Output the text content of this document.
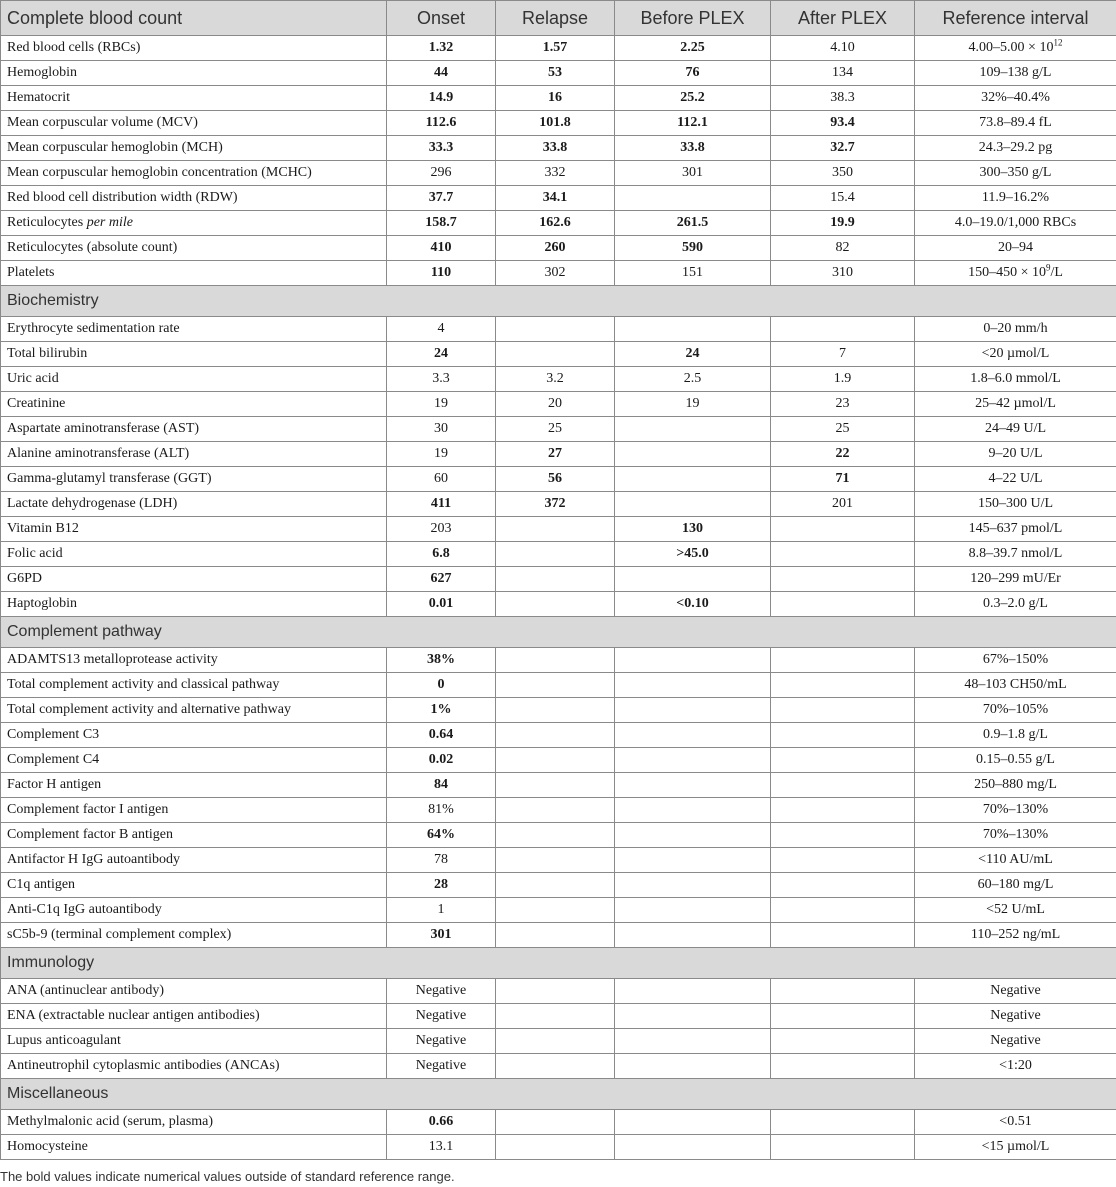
Complete blood count	Onset	Relapse	Before PLEX	After PLEX	Reference interval
Red blood cells (RBCs)	1.32	1.57	2.25	4.10	$4.00-5.00 \times 10^{12}$
Hemoglobin	44	53	76	134	109–138 g/L
Hematocrit	14.9	16	25.2	38.3	32%–40.4%
Mean corpuscular volume (MCV)	112.6	101.8	112.1	93.4	73.8–89.4 fL
Mean corpuscular hemoglobin (MCH)	33.3	33.8	33.8	32.7	24.3–29.2 pg
Mean corpuscular hemoglobin concentration (MCHC)	296	332	301	350	300–350 g/L
Red blood cell distribution width (RDW)	37.7	34.1		15.4	11.9–16.2%
Reticulocytes per mile	158.7	162.6	261.5	19.9	4.0–19.0/1,000 RBCs
Reticulocytes (absolute count)	410	260	590	82	20–94
Platelets	110	302	151	310	$150-450 \times 10^9/L$
Biochemistry					
Erythrocyte sedimentation rate	4				0–20 mm/h
Total bilirubin	24		24	7	<20 µmol/L
Uric acid	3.3	3.2	2.5	1.9	1.8–6.0 mmol/L
Creatinine	19	20	19	23	25–42 µmol/L
Aspartate aminotransferase (AST)	30	25		25	24–49 U/L
Alanine aminotransferase (ALT)	19	27		22	9–20 U/L
Gamma-glutamyl transferase (GGT)	60	56		71	4–22 U/L
Lactate dehydrogenase (LDH)	411	372		201	150–300 U/L
Vitamin B12	203		130		145–637 pmol/L
Folic acid	6.8		>45.0		8.8–39.7 nmol/L
G6PD	627				120–299 mU/Er
Haptoglobin	0.01		<0.10		0.3–2.0 g/L
Complement pathway					
ADAMTS13 metalloprotease activity	38%				67%–150%
Total complement activity and classical pathway	0				48–103 CH50/mL
Total complement activity and alternative pathway	1%				70%–105%
Complement C3	0.64				0.9–1.8 g/L
Complement C4	0.02				0.15–0.55 g/L
Factor H antigen	84				250–880 mg/L
Complement factor I antigen	81%				70%–130%
Complement factor B antigen	64%				70%–130%
Antifactor H IgG autoantibody	78				<110 AU/mL
C1q antigen	28				60–180 mg/L
Anti-C1q IgG autoantibody	1				<52 U/mL
sC5b-9 (terminal complement complex)	301				110–252 ng/mL
Immunology					
ANA (antinuclear antibody)	Negative				Negative
ENA (extractable nuclear antigen antibodies)	Negative				Negative
Lupus anticoagulant	Negative				Negative
Antineutrophil cytoplasmic antibodies (ANCAs)	Negative				<1:20
Miscellaneous					
Methylmalonic acid (serum, plasma)	0.66				<0.51
Homocysteine	13.1				<15 µmol/L
The bold values indicate numerical values outside of standard reference range.
